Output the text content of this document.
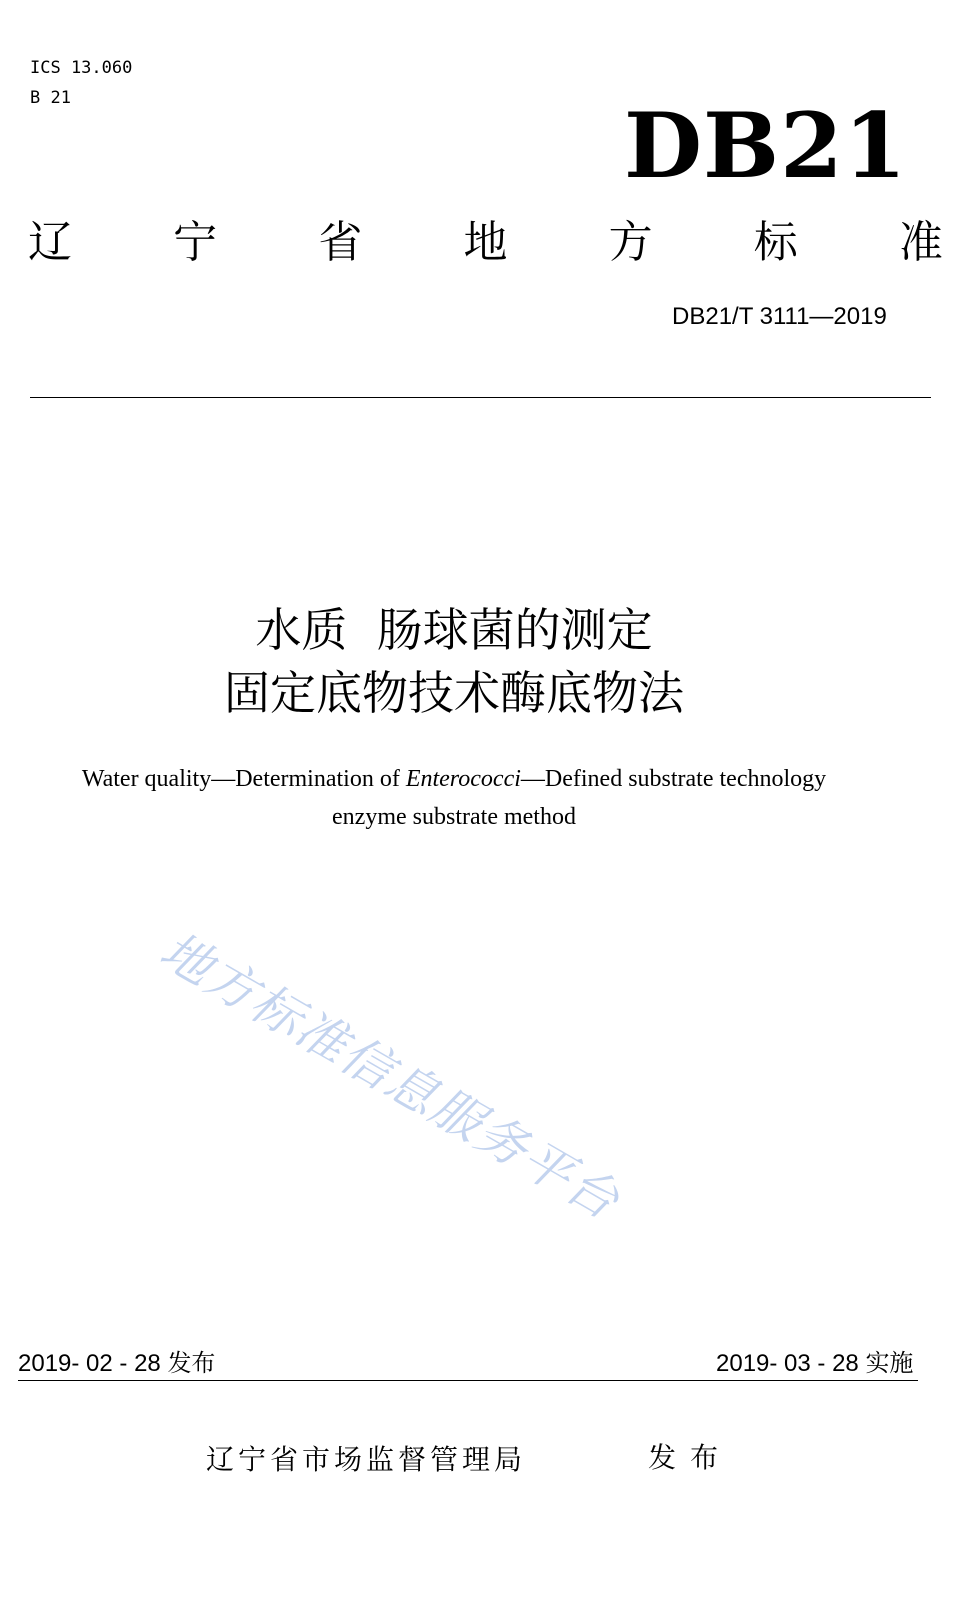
ICS 13.060
B 21	DB21
辽 宁 省 地 方 标 准
DB21/T 3111—2019
水质  肠球菌的测定
固定底物技术酶底物法
Water quality—Determination of Enterococci—Defined substrate technology
enzyme substrate method
地方标准信息服务平台
2019- 02 - 28 发布	2019- 03 - 28 实施
辽宁省市场监督管理局	发布
